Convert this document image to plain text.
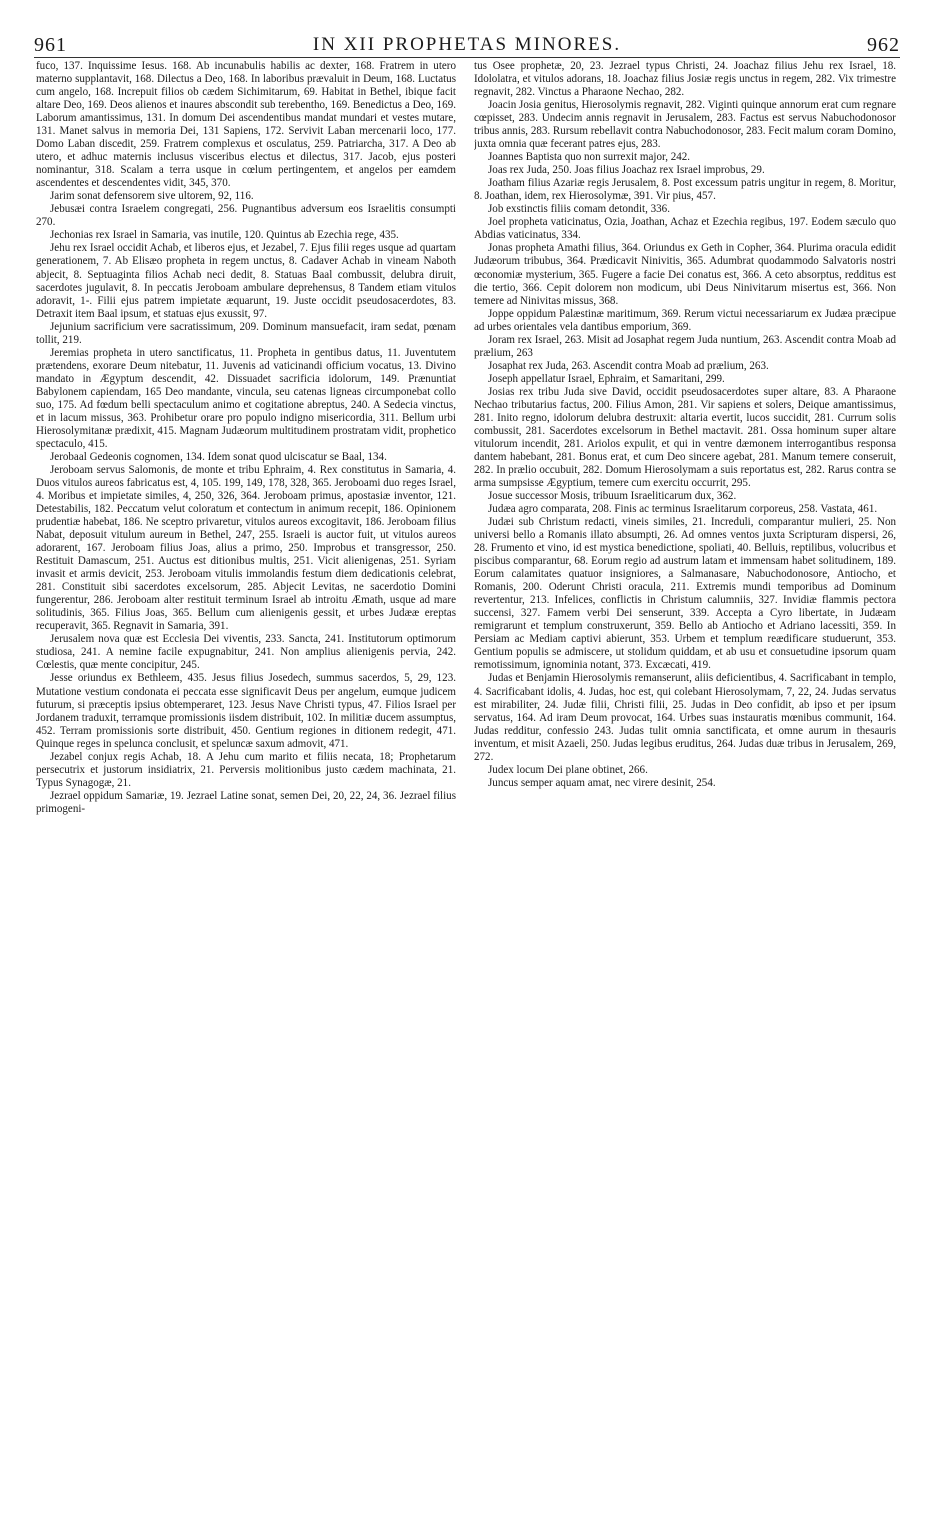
961	IN XII PROPHETAS MINORES.	962

fuco, 137. Inquissime Iesus. 168. Ab incunabulis habilis ac dexter, 168. Fratrem in utero materno supplantavit, 168. Dilectus a Deo, 168. In laboribus prævaluit in Deum, 168. Luctatus cum angelo, 168. Increpuit filios ob cædem Sichimitarum, 69. Habitat in Bethel, ibique facit altare Deo, 169. Deos alienos et inaures abscondit sub terebentho, 169. Benedictus a Deo, 169. Laborum amantissimus, 131. In domum Dei ascendentibus mandat mundari et vestes mutare, 131. Manet salvus in memoria Dei, 131 Sapiens, 172. Servivit Laban mercenarii loco, 177. Domo Laban discedit, 259. Fratrem complexus et osculatus, 259. Patriarcha, 317. A Deo ab utero, et adhuc maternis inclusus visceribus electus et dilectus, 317. Jacob, ejus posteri nominantur, 318. Scalam a terra usque in cœlum pertingentem, et angelos per eamdem ascendentes et descendentes vidit, 345, 370.

Jarim sonat defensorem sive ultorem, 92, 116.

Jebusæi contra Israelem congregati, 256. Pugnantibus adversum eos Israelitis consumpti 270.

Jechonias rex Israel in Samaria, vas inutile, 120. Quintus ab Ezechia rege, 435.

Jehu rex Israel occidit Achab, et liberos ejus, et Jezabel, 7. Ejus filii reges usque ad quartam generationem, 7. Ab Elisæo propheta in regem unctus, 8. Cadaver Achab in vineam Naboth abjecit, 8. Septuaginta filios Achab neci dedit, 8. Statuas Baal combussit, delubra diruit, sacerdotes jugulavit, 8. In peccatis Jeroboam ambulare deprehensus, 8 Tandem etiam vitulos adoravit, 1-. Filii ejus patrem impietate æquarunt, 19. Juste occidit pseudosacerdotes, 83. Detraxit item Baal ipsum, et statuas ejus exussit, 97.

Jejunium sacrificium vere sacratissimum, 209. Dominum mansuefacit, iram sedat, pœnam tollit, 219.

Jeremias propheta in utero sanctificatus, 11. Propheta in gentibus datus, 11. Juventutem prætendens, exorare Deum nitebatur, 11. Juvenis ad vaticinandi officium vocatus, 13. Divino mandato in Ægyptum descendit, 42. Dissuadet sacrificia idolorum, 149. Prænuntiat Babylonem capiendam, 165 Deo mandante, vincula, seu catenas ligneas circumponebat collo suo, 175. Ad fœdum belli spectaculum animo et cogitatione abreptus, 240. A Sedecia vinctus, et in lacum missus, 363. Prohibetur orare pro populo indigno misericordia, 311. Bellum urbi Hierosolymitanæ prædixit, 415. Magnam Judæorum multitudinem prostratam vidit, prophetico spectaculo, 415.

Jerobaal Gedeonis cognomen, 134. Idem sonat quod ulciscatur se Baal, 134.

Jeroboam servus Salomonis, de monte et tribu Ephraim, 4. Rex constitutus in Samaria, 4. Duos vitulos aureos fabricatus est, 4, 105. 199, 149, 178, 328, 365. Jeroboami duo reges Israel, 4. Moribus et impietate similes, 4, 250, 326, 364. Jeroboam primus, apostasiæ inventor, 121. Detestabilis, 182. Peccatum velut coloratum et contectum in animum recepit, 186. Opinionem prudentiæ habebat, 186. Ne sceptro privaretur, vitulos aureos excogitavit, 186. Jeroboam filius Nabat, deposuit vitulum aureum in Bethel, 247, 255. Israeli is auctor fuit, ut vitulos aureos adorarent, 167. Jeroboam filius Joas, alius a primo, 250. Improbus et transgressor, 250. Restituit Damascum, 251. Auctus est ditionibus multis, 251. Vicit alienigenas, 251. Syriam invasit et armis devicit, 253. Jeroboam vitulis immolandis festum diem dedicationis celebrat, 281. Constituit sibi sacerdotes excelsorum, 285. Abjecit Levitas, ne sacerdotio Domini fungerentur, 286. Jeroboam alter restituit terminum Israel ab introitu Æmath, usque ad mare solitudinis, 365. Filius Joas, 365. Bellum cum alienigenis gessit, et urbes Judææ ereptas recuperavit, 365. Regnavit in Samaria, 391.

Jerusalem nova quæ est Ecclesia Dei viventis, 233. Sancta, 241. Institutorum optimorum studiosa, 241. A nemine facile expugnabitur, 241. Non amplius alienigenis pervia, 242. Cœlestis, quæ mente concipitur, 245.

Jesse oriundus ex Bethleem, 435. Jesus filius Josedech, summus sacerdos, 5, 29, 123. Mutatione vestium condonata ei peccata esse significavit Deus per angelum, eumque judicem futurum, si præceptis ipsius obtemperaret, 123. Jesus Nave Christi typus, 47. Filios Israel per Jordanem traduxit, terramque promissionis iisdem distribuit, 102. In militiæ ducem assumptus, 452. Terram promissionis sorte distribuit, 450. Gentium regiones in ditionem redegit, 471. Quinque reges in spelunca conclusit, et speluncæ saxum admovit, 471.

Jezabel conjux regis Achab, 18. A Jehu cum marito et filiis necata, 18; Prophetarum persecutrix et justorum insidiatrix, 21. Perversis molitionibus justo cædem machinata, 21. Typus Synagogæ, 21.

Jezrael oppidum Samariæ, 19. Jezrael Latine sonat, semen Dei, 20, 22, 24, 36. Jezrael filius primogeni-

tus Osee prophetæ, 20, 23. Jezrael typus Christi, 24. Joachaz filius Jehu rex Israel, 18. Idololatra, et vitulos adorans, 18. Joachaz filius Josiæ regis unctus in regem, 282. Vix trimestre regnavit, 282. Vinctus a Pharaone Nechao, 282.

Joacin Josia genitus, Hierosolymis regnavit, 282. Viginti quinque annorum erat cum regnare cœpisset, 283. Undecim annis regnavit in Jerusalem, 283. Factus est servus Nabuchodonosor tribus annis, 283. Rursum rebellavit contra Nabuchodonosor, 283. Fecit malum coram Domino, juxta omnia quæ fecerant patres ejus, 283.

Joannes Baptista quo non surrexit major, 242.

Joas rex Juda, 250. Joas filius Joachaz rex Israel improbus, 29.

Joatham filius Azariæ regis Jerusalem, 8. Post excessum patris ungitur in regem, 8. Moritur, 8. Joathan, idem, rex Hierosolymæ, 391. Vir pius, 457.

Job exstinctis filiis comam detondit, 336.

Joel propheta vaticinatus, Ozia, Joathan, Achaz et Ezechia regibus, 197. Eodem sæculo quo Abdias vaticinatus, 334.

Jonas propheta Amathi filius, 364. Oriundus ex Geth in Copher, 364. Plurima oracula edidit Judæorum tribubus, 364. Prædicavit Ninivitis, 365. Adumbrat quodammodo Salvatoris nostri œconomiæ mysterium, 365. Fugere a facie Dei conatus est, 366. A ceto absorptus, redditus est die tertio, 366. Cepit dolorem non modicum, ubi Deus Ninivitarum misertus est, 366. Non temere ad Ninivitas missus, 368.

Joppe oppidum Palæstinæ maritimum, 369. Rerum victui necessariarum ex Judæa præcipue ad urbes orientales vela dantibus emporium, 369.

Joram rex Israel, 263. Misit ad Josaphat regem Juda nuntium, 263. Ascendit contra Moab ad prælium, 263

Josaphat rex Juda, 263. Ascendit contra Moab ad prælium, 263.

Joseph appellatur Israel, Ephraim, et Samaritani, 299.

Josias rex tribu Juda sive David, occidit pseudosacerdotes super altare, 83. A Pharaone Nechao tributarius factus, 200. Filius Amon, 281. Vir sapiens et solers, Deique amantissimus, 281. Inito regno, idolorum delubra destruxit: altaria evertit, lucos succidit, 281. Currum solis combussit, 281. Sacerdotes excelsorum in Bethel mactavit. 281. Ossa hominum super altare vitulorum incendit, 281. Ariolos expulit, et qui in ventre dæmonem interrogantibus responsa dantem habebant, 281. Bonus erat, et cum Deo sincere agebat, 281. Manum temere conseruit, 282. In prælio occubuit, 282. Domum Hierosolymam a suis reportatus est, 282. Rarus contra se arma sumpsisse Ægyptium, temere cum exercitu occurrit, 295.

Josue successor Mosis, tribuum Israeliticarum dux, 362.

Judæa agro comparata, 208. Finis ac terminus Israelitarum corporeus, 258. Vastata, 461.

Judæi sub Christum redacti, vineis similes, 21. Increduli, comparantur mulieri, 25. Non universi bello a Romanis illato absumpti, 26. Ad omnes ventos juxta Scripturam dispersi, 26, 28. Frumento et vino, id est mystica benedictione, spoliati, 40. Belluis, reptilibus, volucribus et piscibus comparantur, 68. Eorum regio ad austrum latam et immensam habet solitudinem, 189. Eorum calamitates quatuor insigniores, a Salmanasare, Nabuchodonosore, Antiocho, et Romanis, 200. Oderunt Christi oracula, 211. Extremis mundi temporibus ad Dominum revertentur, 213. Infelices, conflictis in Christum calumniis, 327. Invidiæ flammis pectora succensi, 327. Famem verbi Dei senserunt, 339. Accepta a Cyro libertate, in Judæam remigrarunt et templum construxerunt, 359. Bello ab Antiocho et Adriano lacessiti, 359. In Persiam ac Mediam captivi abierunt, 353. Urbem et templum reædificare studuerunt, 353. Gentium populis se admiscere, ut stolidum quiddam, et ab usu et consuetudine ipsorum quam remotissimum, ignominia notant, 373. Excæcati, 419.

Judas et Benjamin Hierosolymis remanserunt, aliis deficientibus, 4. Sacrificabant in templo, 4. Sacrificabant idolis, 4. Judas, hoc est, qui colebant Hierosolymam, 7, 22, 24. Judas servatus est mirabiliter, 24. Judæ filii, Christi filii, 25. Judas in Deo confidit, ab ipso et per ipsum servatus, 164. Ad iram Deum provocat, 164. Urbes suas instauratis mœnibus communit, 164. Judas redditur, confessio 243. Judas tulit omnia sanctificata, et omne aurum in thesauris inventum, et misit Azaeli, 250. Judas legibus eruditus, 264. Judas duæ tribus in Jerusalem, 269, 272.

Judex locum Dei plane obtinet, 266.

Juncus semper aquam amat, nec virere desinit, 254.
